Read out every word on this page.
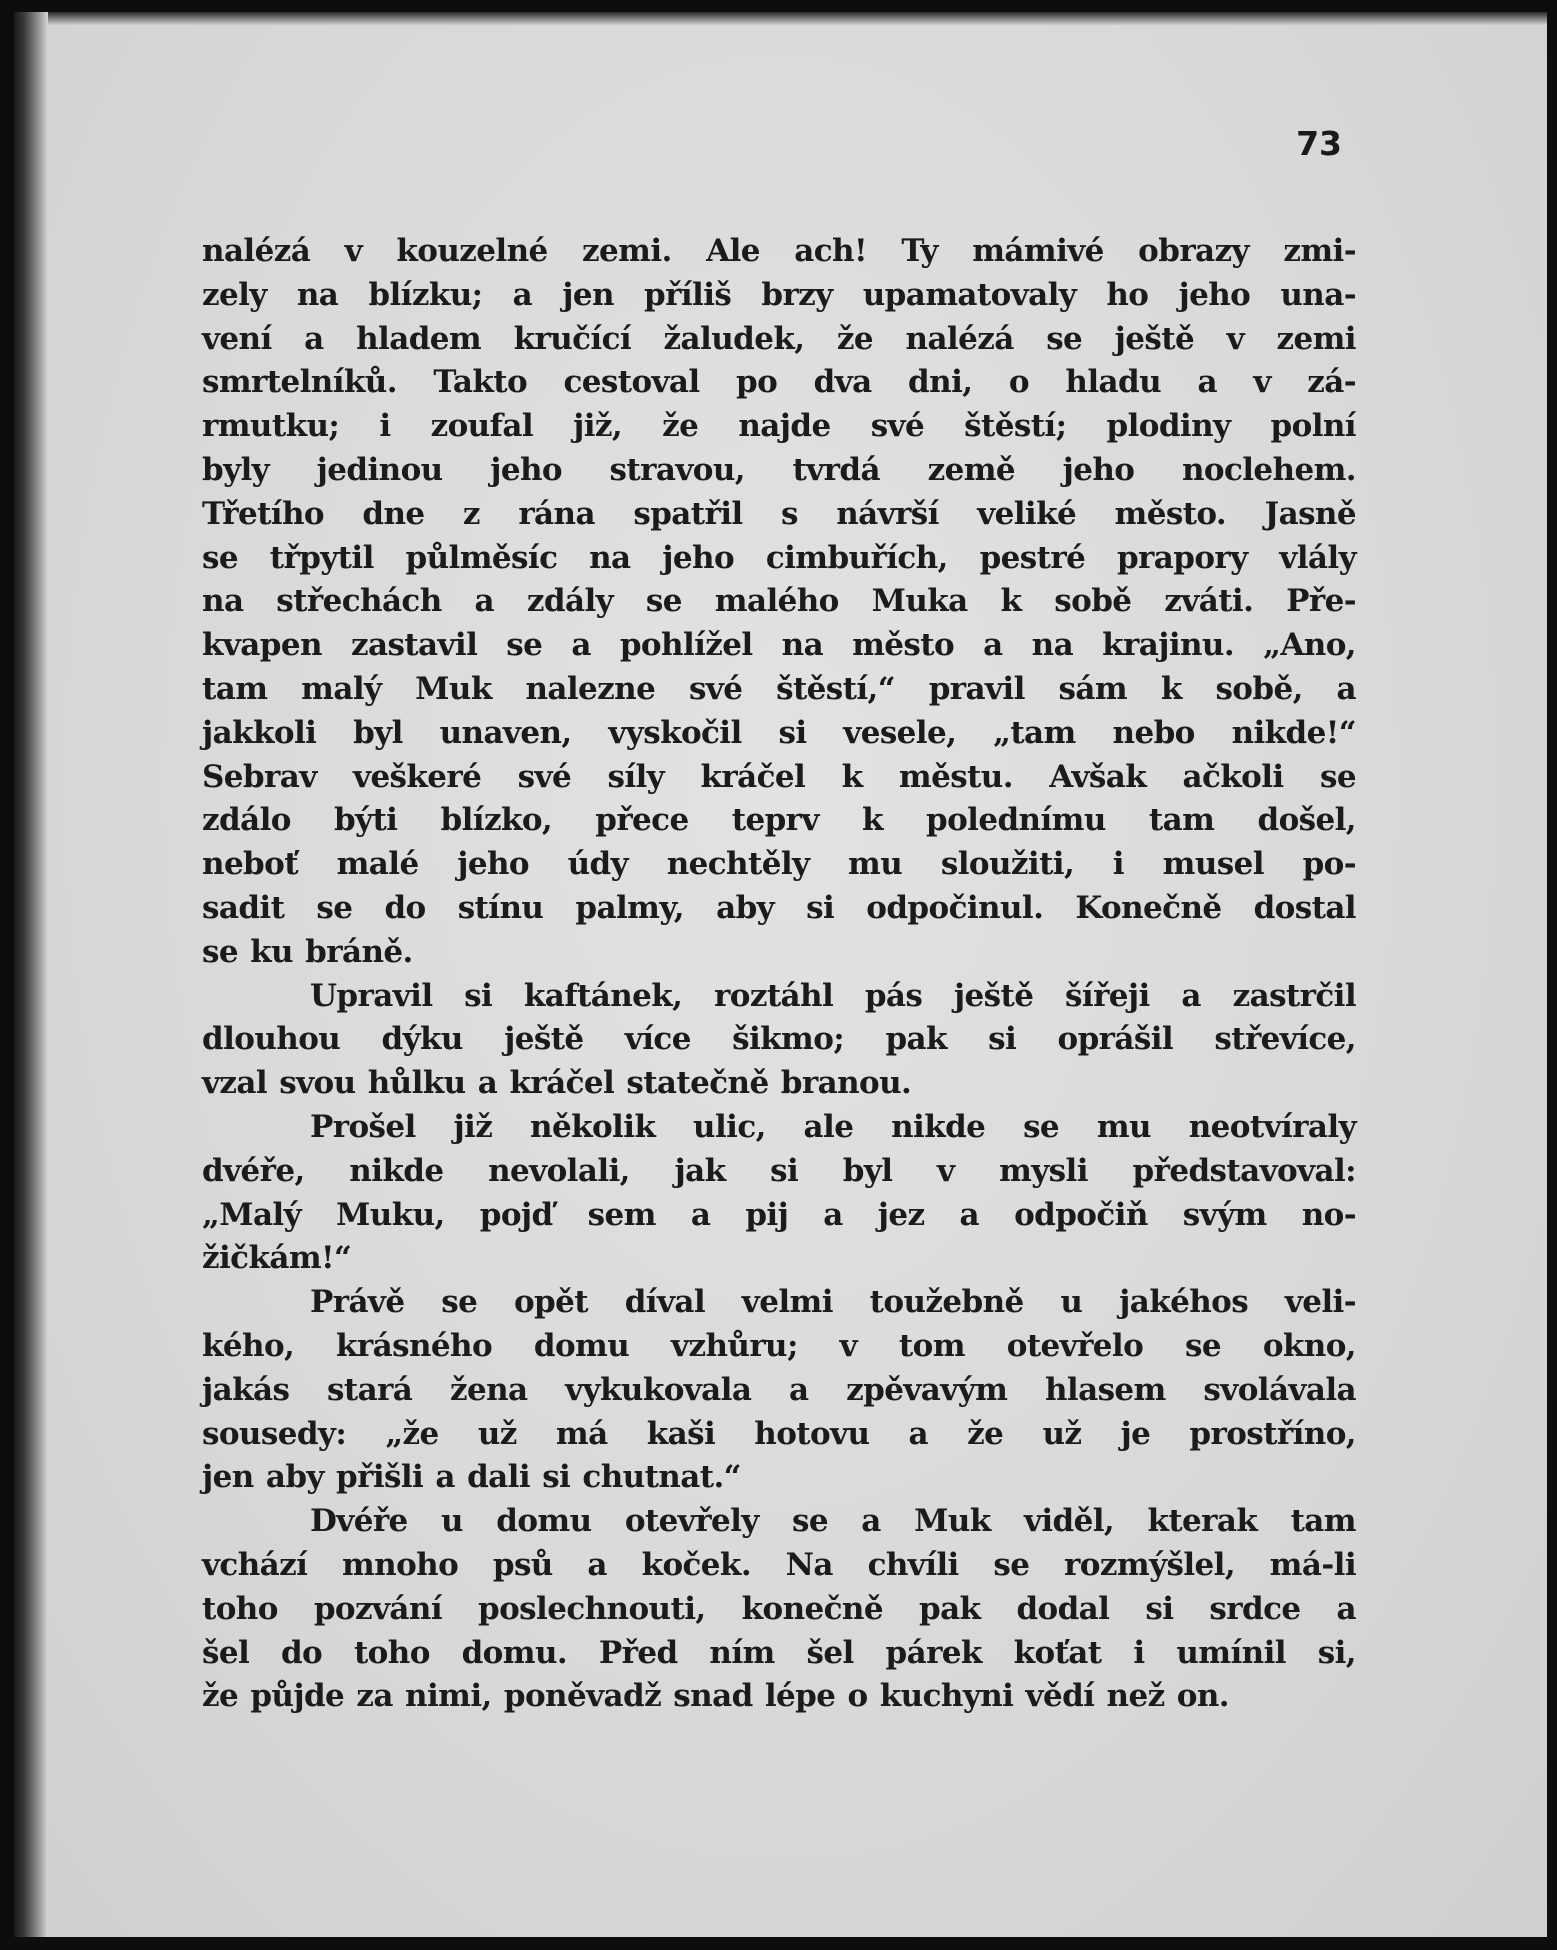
73

nalézá v kouzelné zemi. Ale ach! Ty mámivé obrazy zmi-
zely na blízku; a jen příliš brzy upamatovaly ho jeho una-
vení a hladem kručící žaludek, že nalézá se ještě v zemi
smrtelníků. Takto cestoval po dva dni, o hladu a v zá-
rmutku; i zoufal již, že najde své štěstí; plodiny polní
byly jedinou jeho stravou, tvrdá země jeho noclehem.
Třetího dne z rána spatřil s návrší veliké město. Jasně
se třpytil půlměsíc na jeho cimbuřích, pestré prapory vlály
na střechách a zdály se malého Muka k sobě zváti. Pře-
kvapen zastavil se a pohlížel na město a na krajinu. „Ano,
tam malý Muk nalezne své štěstí,“ pravil sám k sobě, a
jakkoli byl unaven, vyskočil si vesele, „tam nebo nikde!“
Sebrav veškeré své síly kráčel k městu. Avšak ačkoli se
zdálo býti blízko, přece teprv k polednímu tam došel,
neboť malé jeho údy nechtěly mu sloužiti, i musel po-
sadit se do stínu palmy, aby si odpočinul. Konečně dostal
se ku bráně.
Upravil si kaftánek, roztáhl pás ještě šířeji a zastrčil
dlouhou dýku ještě více šikmo; pak si oprášil střevíce,
vzal svou hůlku a kráčel statečně branou.
Prošel již několik ulic, ale nikde se mu neotvíraly
dvéře, nikde nevolali, jak si byl v mysli představoval:
„Malý Muku, pojď sem a pij a jez a odpočiň svým no-
žičkám!“
Právě se opět díval velmi toužebně u jakéhos veli-
kého, krásného domu vzhůru; v tom otevřelo se okno,
jakás stará žena vykukovala a zpěvavým hlasem svolávala
sousedy: „že už má kaši hotovu a že už je prostříno,
jen aby přišli a dali si chutnat.“
Dvéře u domu otevřely se a Muk viděl, kterak tam
vchází mnoho psů a koček. Na chvíli se rozmýšlel, má-li
toho pozvání poslechnouti, konečně pak dodal si srdce a
šel do toho domu. Před ním šel párek koťat i umínil si,
že půjde za nimi, poněvadž snad lépe o kuchyni vědí než on.
